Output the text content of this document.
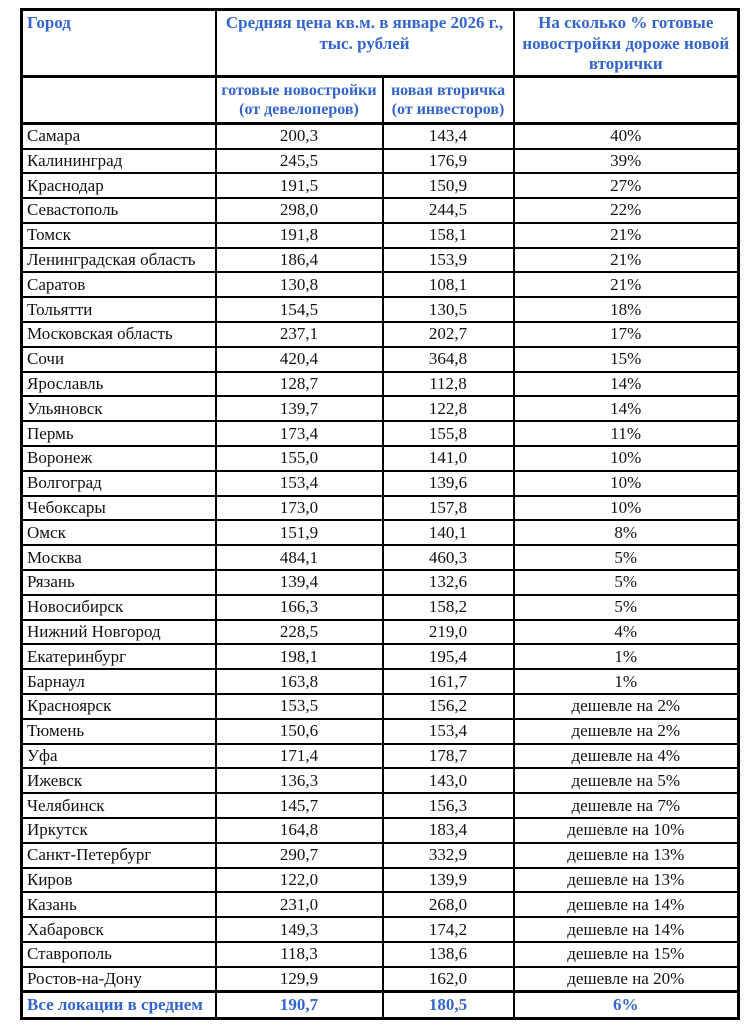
Город	Средняя цена кв.м. в январе 2026 г., тыс. рублей		На сколько % готовые новостройки дороже новой вторички
	готовые новостройки (от девелоперов)	новая вторичка (от инвесторов)	
Самара	200,3	143,4	40%
Калининград	245,5	176,9	39%
Краснодар	191,5	150,9	27%
Севастополь	298,0	244,5	22%
Томск	191,8	158,1	21%
Ленинградская область	186,4	153,9	21%
Саратов	130,8	108,1	21%
Тольятти	154,5	130,5	18%
Московская область	237,1	202,7	17%
Сочи	420,4	364,8	15%
Ярославль	128,7	112,8	14%
Ульяновск	139,7	122,8	14%
Пермь	173,4	155,8	11%
Воронеж	155,0	141,0	10%
Волгоград	153,4	139,6	10%
Чебоксары	173,0	157,8	10%
Омск	151,9	140,1	8%
Москва	484,1	460,3	5%
Рязань	139,4	132,6	5%
Новосибирск	166,3	158,2	5%
Нижний Новгород	228,5	219,0	4%
Екатеринбург	198,1	195,4	1%
Барнаул	163,8	161,7	1%
Красноярск	153,5	156,2	дешевле на 2%
Тюмень	150,6	153,4	дешевле на 2%
Уфа	171,4	178,7	дешевле на 4%
Ижевск	136,3	143,0	дешевле на 5%
Челябинск	145,7	156,3	дешевле на 7%
Иркутск	164,8	183,4	дешевле на 10%
Санкт-Петербург	290,7	332,9	дешевле на 13%
Киров	122,0	139,9	дешевле на 13%
Казань	231,0	268,0	дешевле на 14%
Хабаровск	149,3	174,2	дешевле на 14%
Ставрополь	118,3	138,6	дешевле на 15%
Ростов-на-Дону	129,9	162,0	дешевле на 20%
Все локации в среднем	190,7	180,5	6%
